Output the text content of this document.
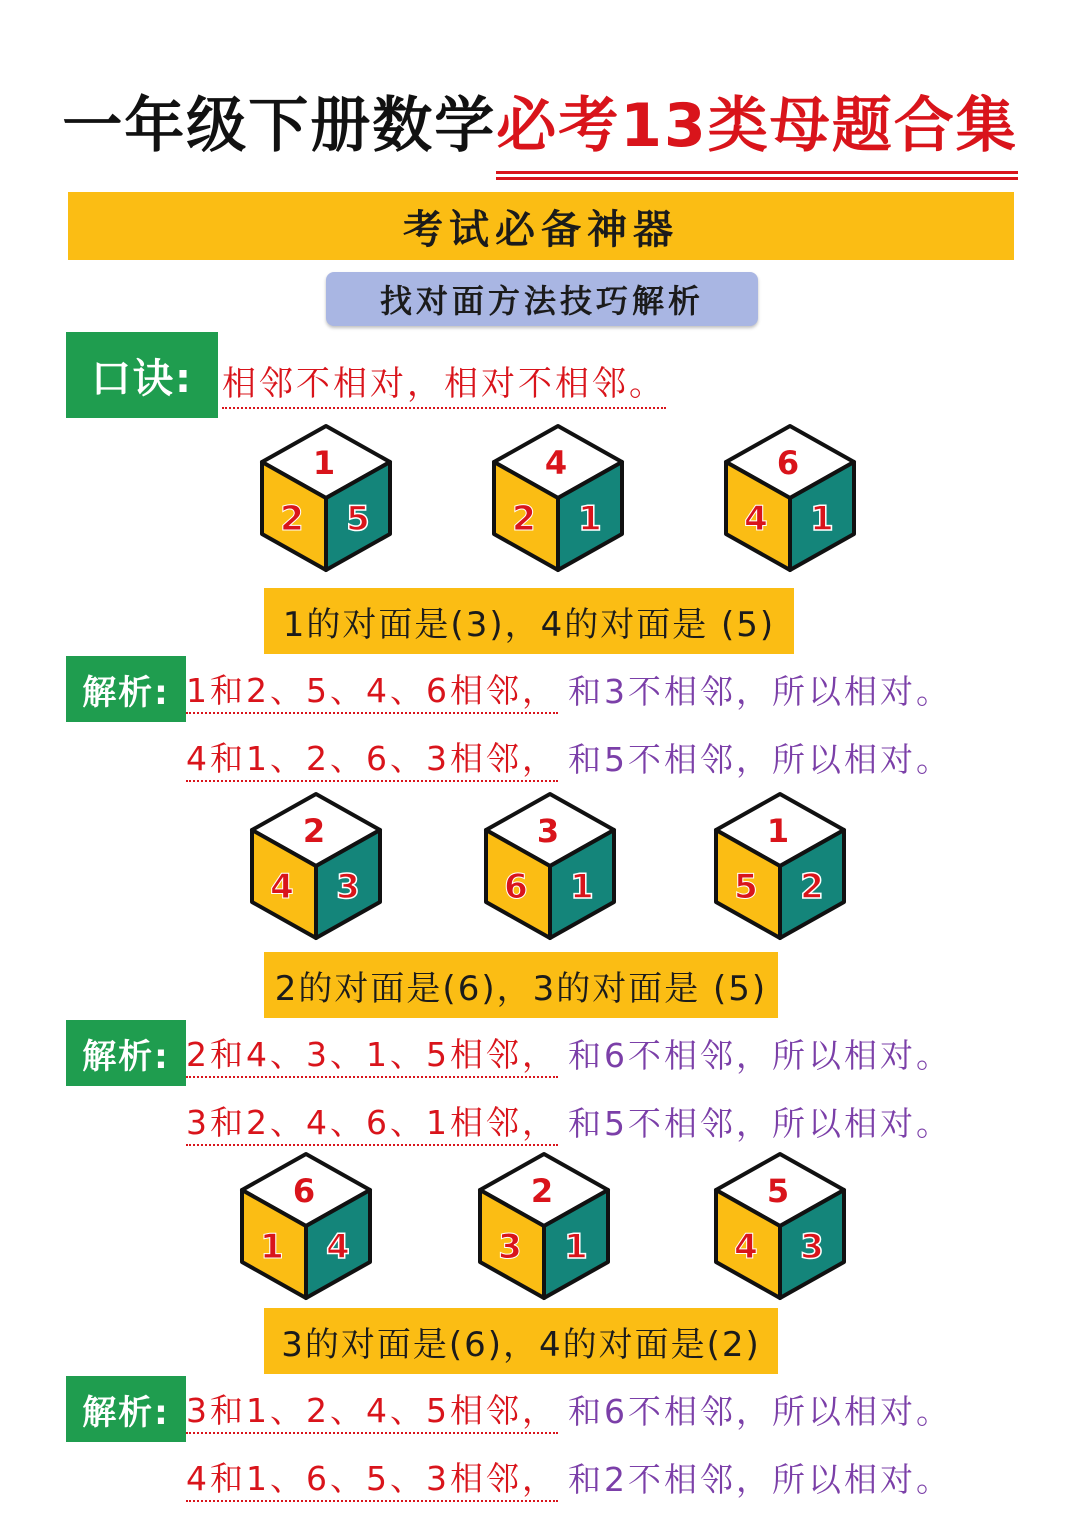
一年级下册数学必考13类母题合集
考试必备神器
找对面方法技巧解析
口诀: 相邻不相对，相对不相邻。
1
2 5
4
2 1
6
4 1
1的对面是(3)，4的对面是 (5)
解析: 1和2、5、4、6相邻， 和3不相邻，所以相对。
4和1、2、6、3相邻， 和5不相邻，所以相对。
2
4 3
3
6 1
1
5 2
2的对面是(6)，3的对面是 (5)
解析: 2和4、3、1、5相邻， 和6不相邻，所以相对。
3和2、4、6、1相邻， 和5不相邻，所以相对。
6
1 4
2
3 1
5
4 3
3的对面是(6)，4的对面是(2)
解析: 3和1、2、4、5相邻， 和6不相邻，所以相对。
4和1、6、5、3相邻， 和2不相邻，所以相对。
